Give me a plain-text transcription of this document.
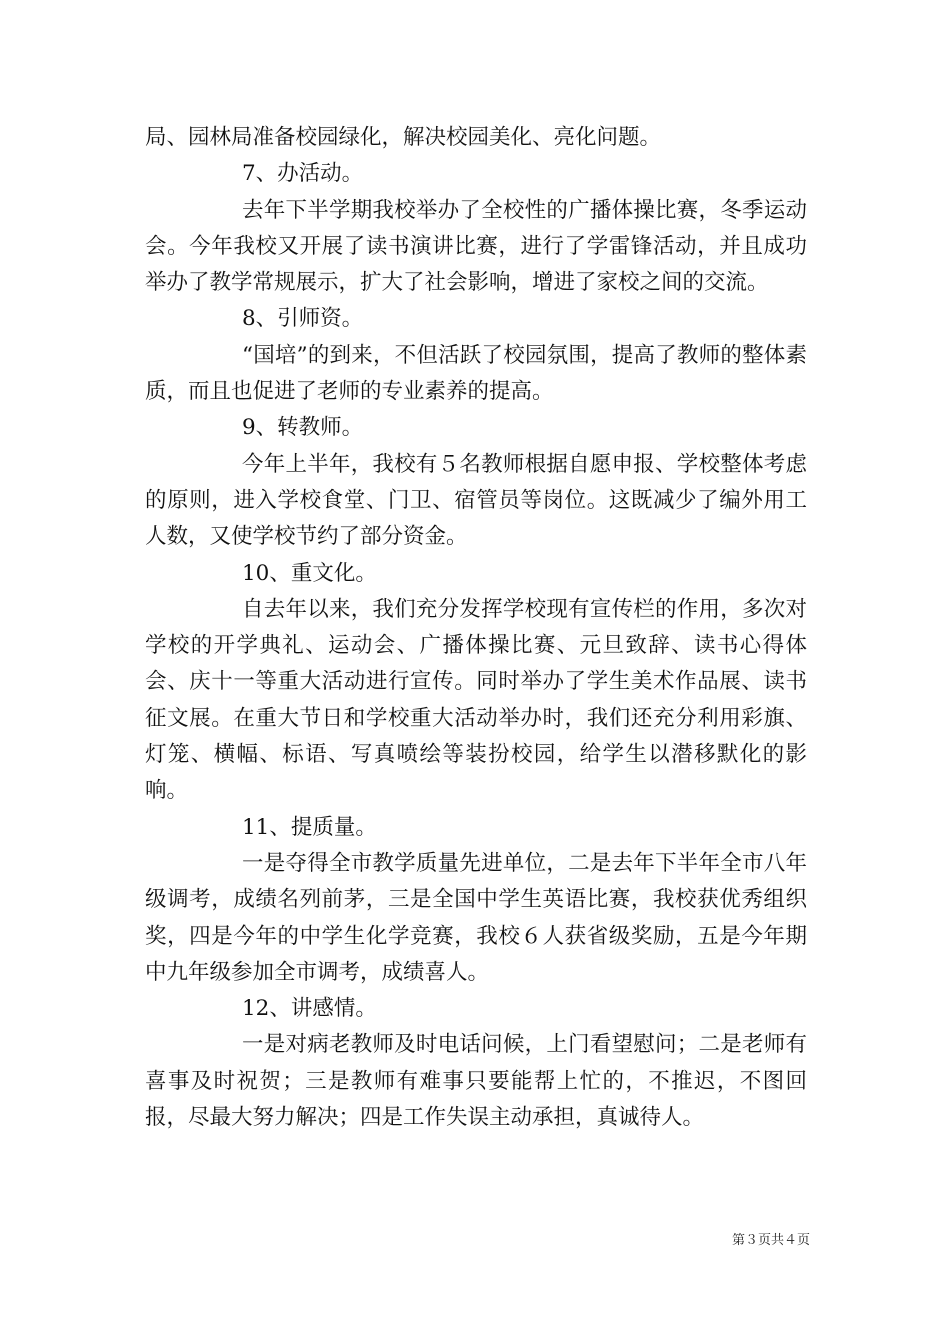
局、园林局准备校园绿化，解决校园美化、亮化问题。

7、办活动。

去年下半学期我校举办了全校性的广播体操比赛，冬季运动会。今年我校又开展了读书演讲比赛，进行了学雷锋活动，并且成功举办了教学常规展示，扩大了社会影响，增进了家校之间的交流。

8、引师资。

“国培”的到来，不但活跃了校园氛围，提高了教师的整体素质，而且也促进了老师的专业素养的提高。

9、转教师。

今年上半年，我校有５名教师根据自愿申报、学校整体考虑的原则，进入学校食堂、门卫、宿管员等岗位。这既减少了编外用工人数，又使学校节约了部分资金。

10、重文化。

自去年以来，我们充分发挥学校现有宣传栏的作用，多次对学校的开学典礼、运动会、广播体操比赛、元旦致辞、读书心得体会、庆十一等重大活动进行宣传。同时举办了学生美术作品展、读书征文展。在重大节日和学校重大活动举办时，我们还充分利用彩旗、灯笼、横幅、标语、写真喷绘等装扮校园，给学生以潜移默化的影响。

11、提质量。

一是夺得全市教学质量先进单位，二是去年下半年全市八年级调考，成绩名列前茅，三是全国中学生英语比赛，我校获优秀组织奖，四是今年的中学生化学竞赛，我校６人获省级奖励，五是今年期中九年级参加全市调考，成绩喜人。

12、讲感情。

一是对病老教师及时电话问候，上门看望慰问；二是老师有喜事及时祝贺；三是教师有难事只要能帮上忙的，不推迟，不图回报，尽最大努力解决；四是工作失误主动承担，真诚待人。

第３页共４页
